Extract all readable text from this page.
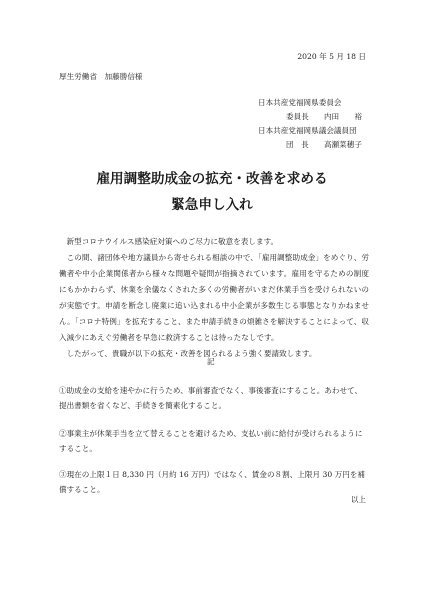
2020 年 5 月 18 日
厚生労働省　加藤勝信様
日本共産党福岡県委員会
委員長　　内田　　裕
日本共産党福岡県議会議員団
団　長　　高瀬菜穂子
雇用調整助成金の拡充・改善を求める
緊急申し入れ

新型コロナウイルス感染症対策へのご尽力に敬意を表します。

この間、諸団体や地方議員から寄せられる相談の中で、「雇用調整助成金」をめぐり、労働者や中小企業関係者から様々な問題や疑問が指摘されています。雇用を守るための制度にもかかわらず、休業を余儀なくされた多くの労働者がいまだ休業手当を受けられないのが実態です。申請を断念し廃業に追い込まれる中小企業が多数生じる事態となりかねません。「コロナ特例」を拡充すること、また申請手続きの煩雑さを解決することによって、収入減少にあえぐ労働者を早急に救済することは待ったなしです。

したがって、貴職が以下の拡充・改善を図られるよう強く要請致します。

記
①助成金の支給を速やかに行うため、事前審査でなく、事後審査にすること。あわせて、提出書類を省くなど、手続きを簡素化すること。
②事業主が休業手当を立て替えることを避けるため、支払い前に給付が受けられるようにすること。
③現在の上限１日 8,330 円（月約 16 万円）ではなく、賃金の８割、上限月 30 万円を補償すること。
以上
